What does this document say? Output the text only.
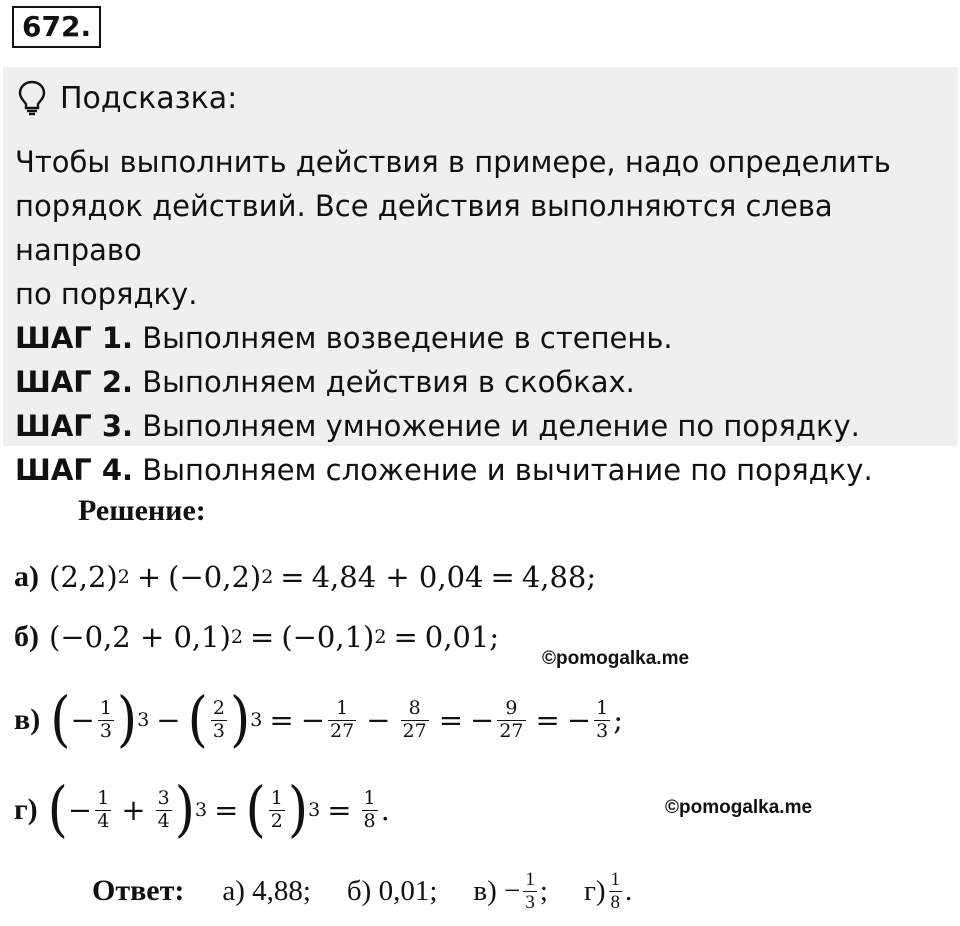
672.
Подсказка:

Чтобы выполнить действия в примере, надо определить

порядок действий. Все действия выполняются слева направо

по порядку.

ШАГ 1. Выполняем возведение в степень.

ШАГ 2. Выполняем действия в скобках.

ШАГ 3. Выполняем умножение и деление по порядку.

ШАГ 4. Выполняем сложение и вычитание по порядку.

Решение:
а) (2,2) 2 + (−0,2) 2 = 4,84 + 0,04 = 4,88;
б) (−0,2 + 0,1) 2 = (−0,1) 2 = 0,01;
©pomogalka.me
в) ( − $\frac{1}{3}$ ) 3 − ( $\frac{2}{3}$ ) 3 = − $\frac{1}{27} - \frac{8}{27}$ = − $\frac{9}{27}$ = − $\frac{1}{3}$ ;
г) ( − $\frac{1}{4} + \frac{3}{4}$ ) 3 = ( $\frac{1}{2}$ ) $3 = \frac{1}{8}$ .	©pomogalka.me
Ответ: а) 4,88; б) 0,01; $в) - \frac{1}{3}$ ; $г) \frac{1}{8}$ .
